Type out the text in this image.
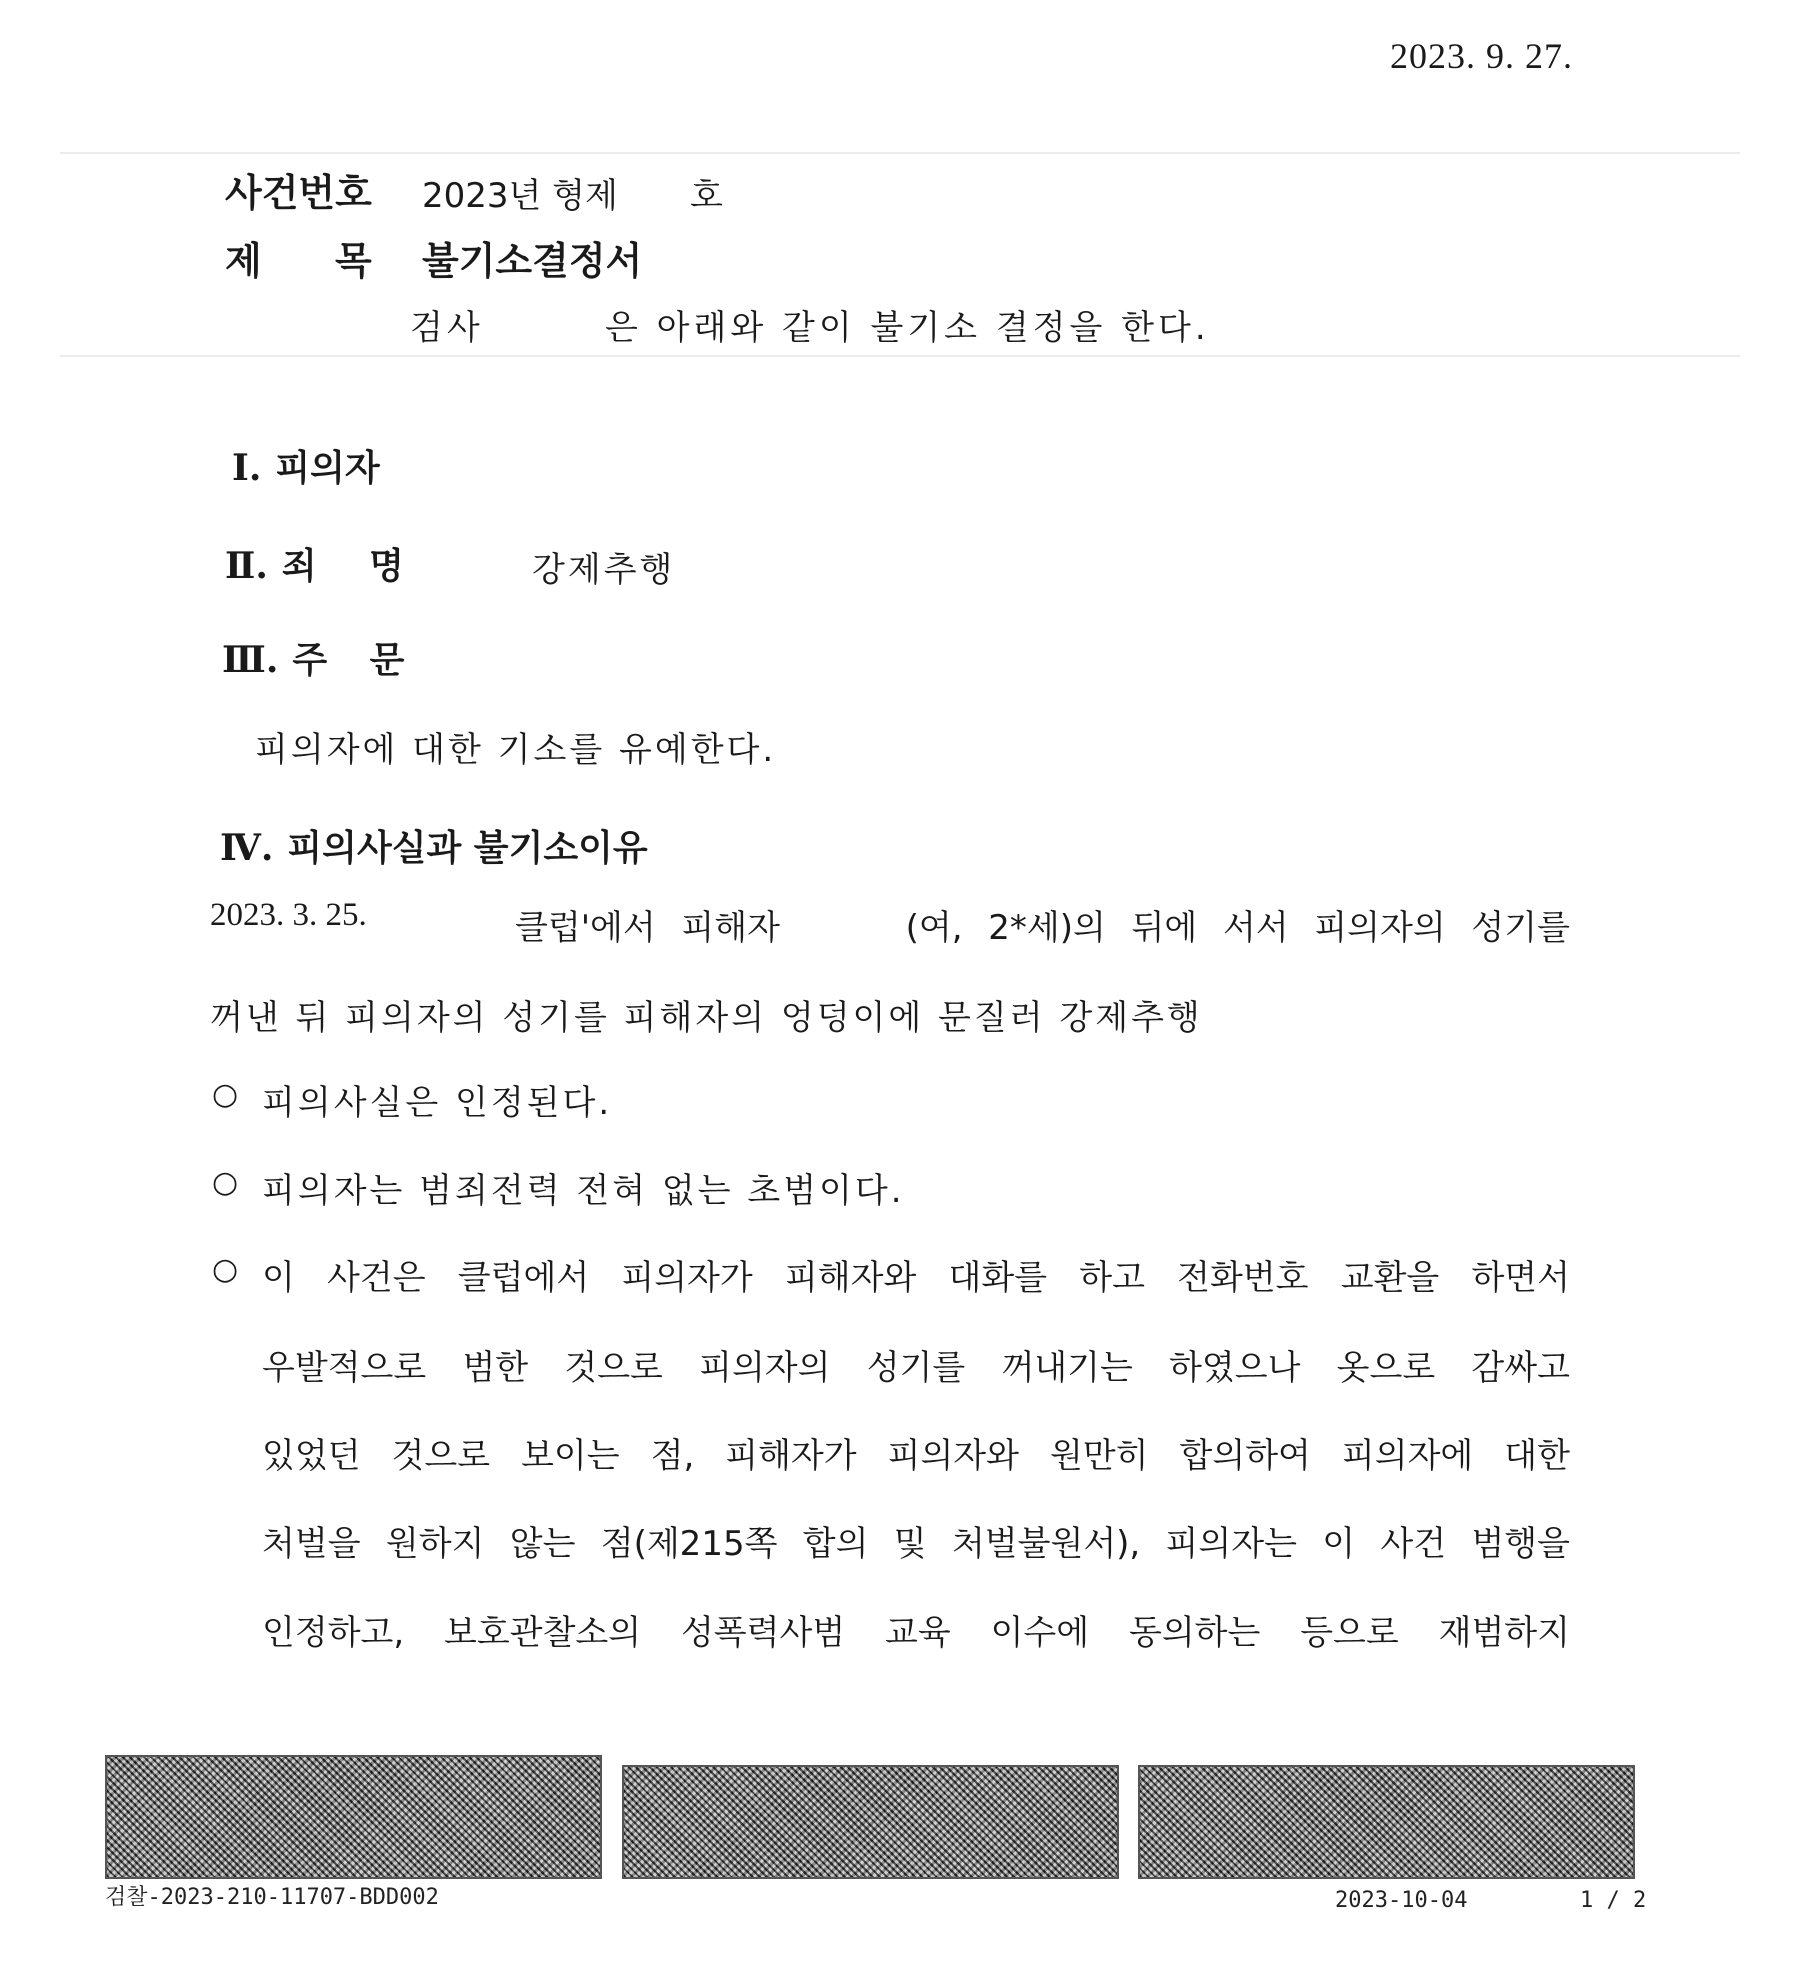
2023. 9. 27.
사건번호 2023년 형제 호
제 목 불기소결정서
검사	은 아래와 같이 불기소 결정을 한다.
Ⅰ. 피의자
Ⅱ. 죄 명	강제추행
Ⅲ. 주 문
피의자에 대한 기소를 유예한다.
Ⅳ. 피의사실과 불기소이유
2023. 3. 25.	클럽'에서 피해자	(여, 2*세)의 뒤에 서서 피의자의 성기를
꺼낸 뒤 피의자의 성기를 피해자의 엉덩이에 문질러 강제추행
○ 피의사실은 인정된다.
○ 피의자는 범죄전력 전혀 없는 초범이다.
○ 이 사건은 클럽에서 피의자가 피해자와 대화를 하고 전화번호 교환을 하면서
우발적으로 범한 것으로 피의자의 성기를 꺼내기는 하였으나 옷으로 감싸고
있었던 것으로 보이는 점, 피해자가 피의자와 원만히 합의하여 피의자에 대한
처벌을 원하지 않는 점(제215쪽 합의 및 처벌불원서), 피의자는 이 사건 범행을
인정하고, 보호관찰소의 성폭력사범 교육 이수에 동의하는 등으로 재범하지
검찰-2023-210-11707-BDD002	2023-10-04	1 / 2
